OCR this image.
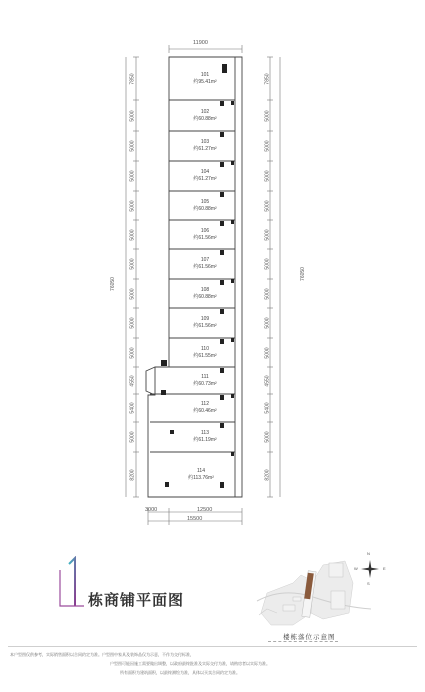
11900
7850
5000
5000
5000
5000
5000
5000
5000
5000
5000
4550
5400
5000
8200
7850
5000
5000
5000
5000
5000
5000
5000
5000
5000
4550
5400
5000
8200
76050
76050
101
约95.41m²
102
约60.88m²
103
约61.27m²
104
约61.27m²
105
约60.88m²
106
约61.56m²
107
约61.56m²
108
约60.88m²
109
约61.56m²
110
约61.55m²
111
约60.73m²
112
约60.46m²
113
约61.19m²
114
约113.76m²
3000	12500
15500
栋商铺平面图
N
S
W	E
楼栋落位示意图
本户型图仅供参考，实际销售面积以合同约定为准。户型图中家具及装饰品仅为示意，不作为交付标准，
户型图可能因施工需要做出调整，以政府最终批准及实际交付为准，请购房者以实际为准。
所有面积为建筑面积，以最终测绘为准，具体以买卖合同约定为准。
